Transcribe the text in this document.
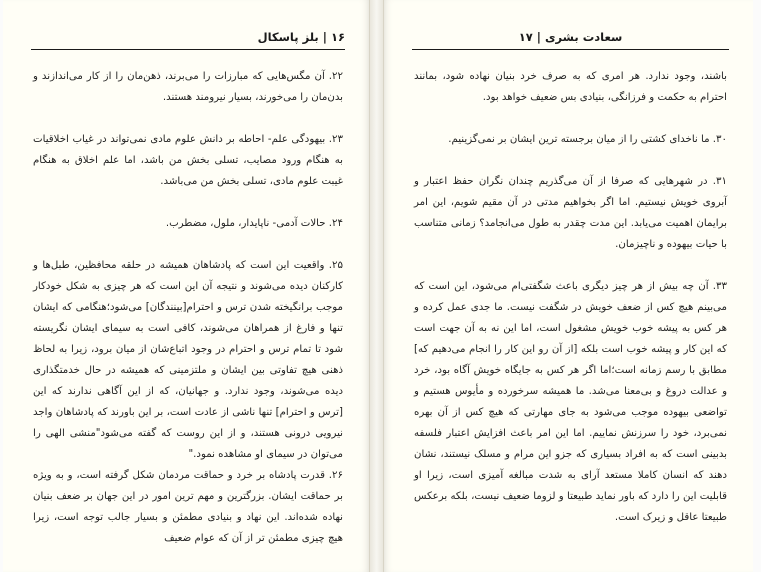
۱۶ | بلز پاسکال

۲۲. آن مگس‌هایی که مبارزات را می‌برند، ذهن‌مان را از کار می‌اندازند و بدن‌مان را می‌خورند، بسیار نیرومند هستند.

۲۳. بیهودگی علم- احاطه بر دانش علوم مادی نمی‌تواند در غیاب اخلاقیات به هنگام ورود مصایب، تسلی بخش من باشد، اما علم اخلاق به هنگام غیبت علوم مادی، تسلی بخش من می‌باشد.

۲۴. حالات آدمی- ناپایدار، ملول، مضطرب.

۲۵. واقعیت این است که پادشاهان همیشه در حلقه محافظین، طبل‌ها و کارکنان دیده می‌شوند و نتیجه آن این است که هر چیزی به شکل خودکار موجب برانگیخته شدن ترس و احترام[بینندگان] می‌شود؛هنگامی که ایشان تنها و فارغ از همراهان می‌شوند، کافی است به سیمای ایشان نگریسته شود تا تمام ترس و احترام در وجود اتباع‌شان از میان برود، زیرا به لحاظ ذهنی هیچ تفاوتی بین ایشان و ملتزمینی که همیشه در حال خدمتگذاری دیده می‌شوند، وجود ندارد. و جهانیان، که از این آگاهی ندارند که این [ترس و احترام] تنها ناشی از عادت است، بر این باورند که پادشاهان واجد نیرویی درونی هستند، و از این روست که گفته می‌شود"منشی الهی را می‌توان در سیمای او مشاهده نمود."

۲۶. قدرت پادشاه بر خرد و حماقت مردمان شکل گرفته است، و به ویژه بر حماقت ایشان. بزرگترین و مهم ترین امور در این جهان بر ضعف بنیان نهاده شده‌اند. این نهاد و بنیادی مطمئن و بسیار جالب توجه است، زیرا هیچ چیزی مطمئن تر از آن که عوام ضعیف

سعادت بشری | ۱۷

باشند، وجود ندارد. هر امری که به صرف خرد بنیان نهاده شود، بمانند احترام به حکمت و فرزانگی، بنیادی بس ضعیف خواهد بود.

۳۰. ما ناخدای کشتی را از میان برجسته ترین ایشان بر نمی‌گزینیم.

۳۱. در شهرهایی که صرفا از آن می‌گذریم چندان نگران حفظ اعتبار و آبروی خویش نیستیم. اما اگر بخواهیم مدتی در آن مقیم شویم، این امر برایمان اهمیت می‌یابد. این مدت چقدر به طول می‌انجامد؟ زمانی متناسب با حیات بیهوده و ناچیزمان.

۳۳. آن چه بیش از هر چیز دیگری باعث شگفتی‌ام می‌شود، این است که می‌بینم هیچ کس از ضعف خویش در شگفت نیست. ما جدی عمل کرده و هر کس به پیشه خوب خویش مشغول است، اما این نه به آن جهت است که این کار و پیشه خوب است بلکه [از آن رو این کار را انجام می‌دهیم که] مطابق با رسم زمانه است؛اما اگر هر کس به جایگاه خویش آگاه بود، خرد و عدالت دروغ و بی‌معنا می‌شد. ما همیشه سرخورده و مأیوس هستیم و تواضعی بیهوده موجب می‌شود به جای مهارتی که هیچ کس از آن بهره نمی‌برد، خود را سرزنش نماییم. اما این امر باعث افزایش اعتبار فلسفه بدبینی است که به افراد بسیاری که جزو این مرام و مسلک نیستند، نشان دهند که انسان کاملا مستعد آرای به شدت مبالغه آمیزی است، زیرا او قابلیت این را دارد که باور نماید طبیعتا و لزوما ضعیف نیست، بلکه برعکس طبیعتا عاقل و زیرک است.
